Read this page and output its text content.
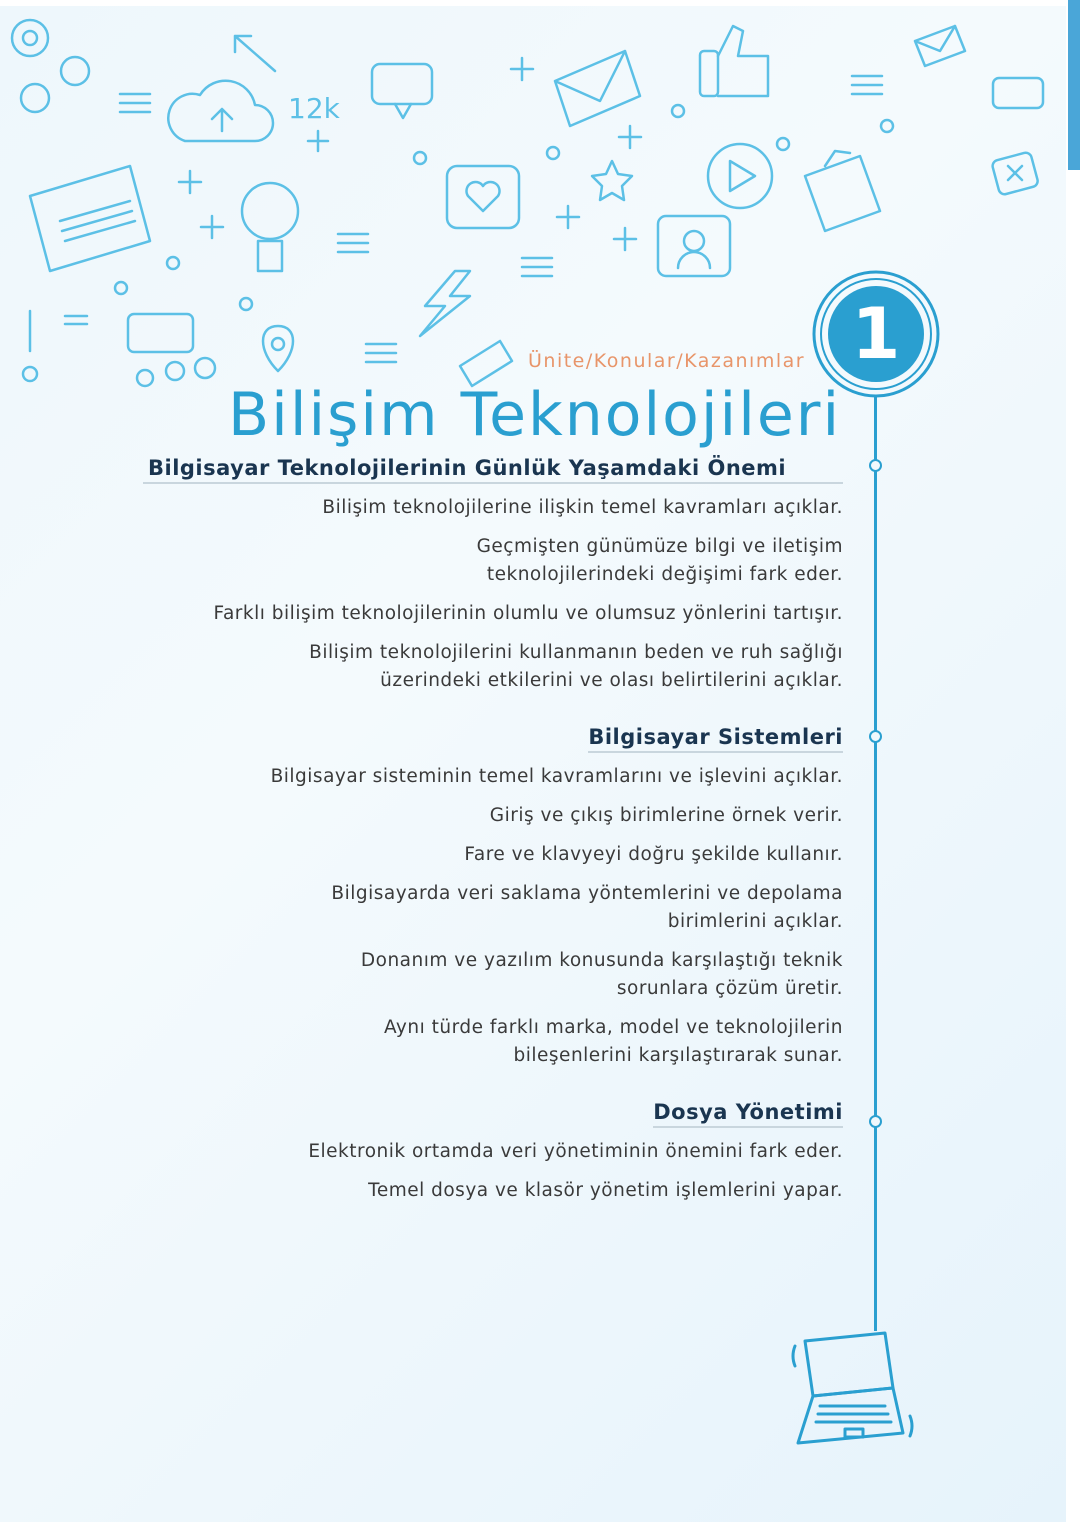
12k
Ünite/Konular/Kazanımlar 1
Bilişim Teknolojileri
Bilgisayar Teknolojilerinin Günlük Yaşamdaki Önemi
Bilişim teknolojilerine ilişkin temel kavramları açıklar.
Geçmişten günümüze bilgi ve iletişim teknolojilerindeki değişimi fark eder.
Farklı bilişim teknolojilerinin olumlu ve olumsuz yönlerini tartışır.
Bilişim teknolojilerini kullanmanın beden ve ruh sağlığı üzerindeki etkilerini ve olası belirtilerini açıklar.
Bilgisayar Sistemleri
Bilgisayar sisteminin temel kavramlarını ve işlevini açıklar.
Giriş ve çıkış birimlerine örnek verir.
Fare ve klavyeyi doğru şekilde kullanır.
Bilgisayarda veri saklama yöntemlerini ve depolama birimlerini açıklar.
Donanım ve yazılım konusunda karşılaştığı teknik sorunlara çözüm üretir.
Aynı türde farklı marka, model ve teknolojilerin bileşenlerini karşılaştırarak sunar.
Dosya Yönetimi
Elektronik ortamda veri yönetiminin önemini fark eder.
Temel dosya ve klasör yönetim işlemlerini yapar.
